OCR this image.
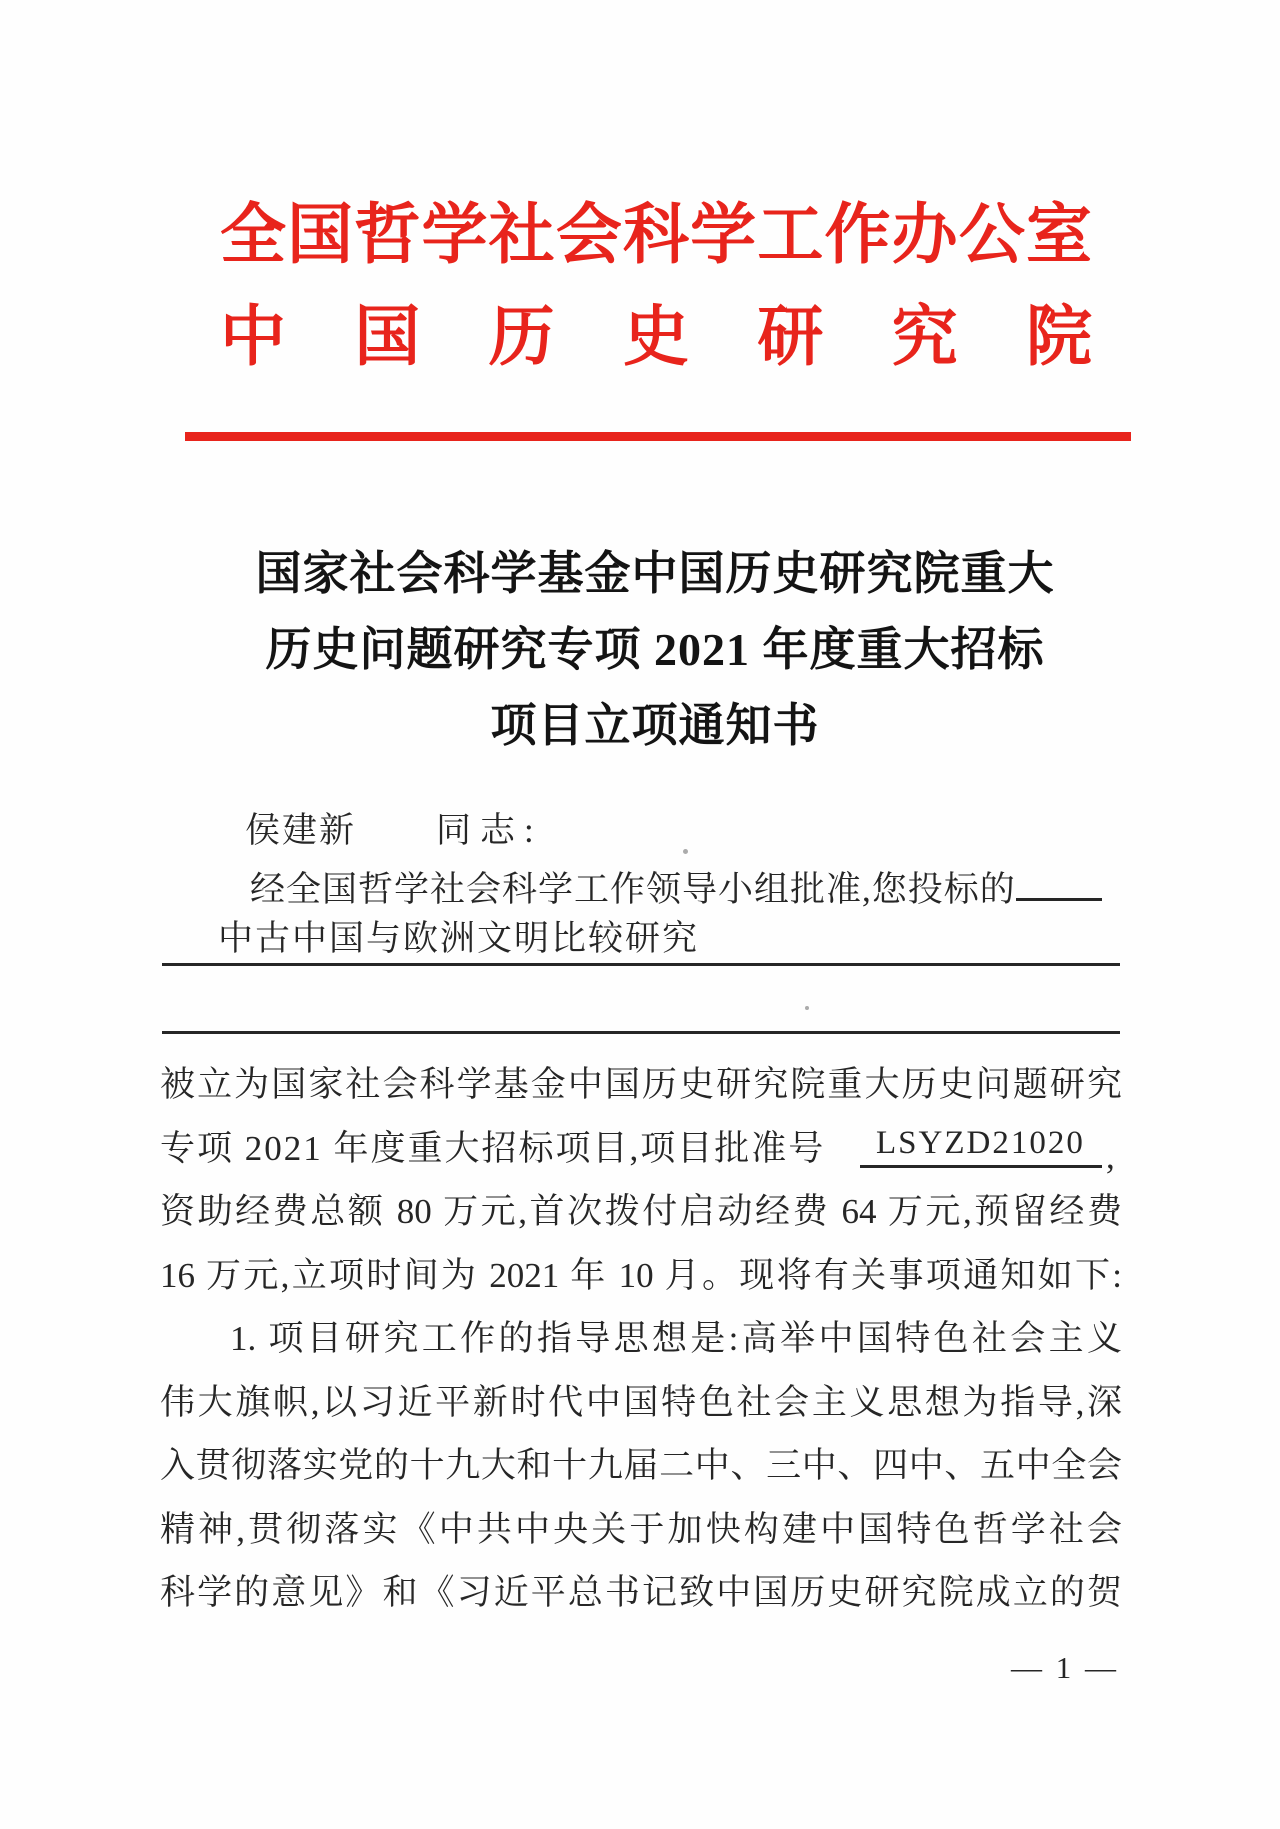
全国哲学社会科学工作办公室
中国历史研究院
国家社会科学基金中国历史研究院重大
历史问题研究专项 2021 年度重大招标
项目立项通知书
侯建新 同志:
经全国哲学社会科学工作领导小组批准,您投标的
中古中国与欧洲文明比较研究
被立为国家社会科学基金中国历史研究院重大历史问题研究
专项 2021 年度重大招标项目,项目批准号 LSYZD21020 ,
资助经费总额 80 万元,首次拨付启动经费 64 万元,预留经费
16 万元,立项时间为 2021 年 10 月。现将有关事项通知如下:
1. 项目研究工作的指导思想是:高举中国特色社会主义
伟大旗帜,以习近平新时代中国特色社会主义思想为指导,深
入贯彻落实党的十九大和十九届二中、三中、四中、五中全会
精神,贯彻落实《中共中央关于加快构建中国特色哲学社会
科学的意见》和《习近平总书记致中国历史研究院成立的贺
— 1 —
